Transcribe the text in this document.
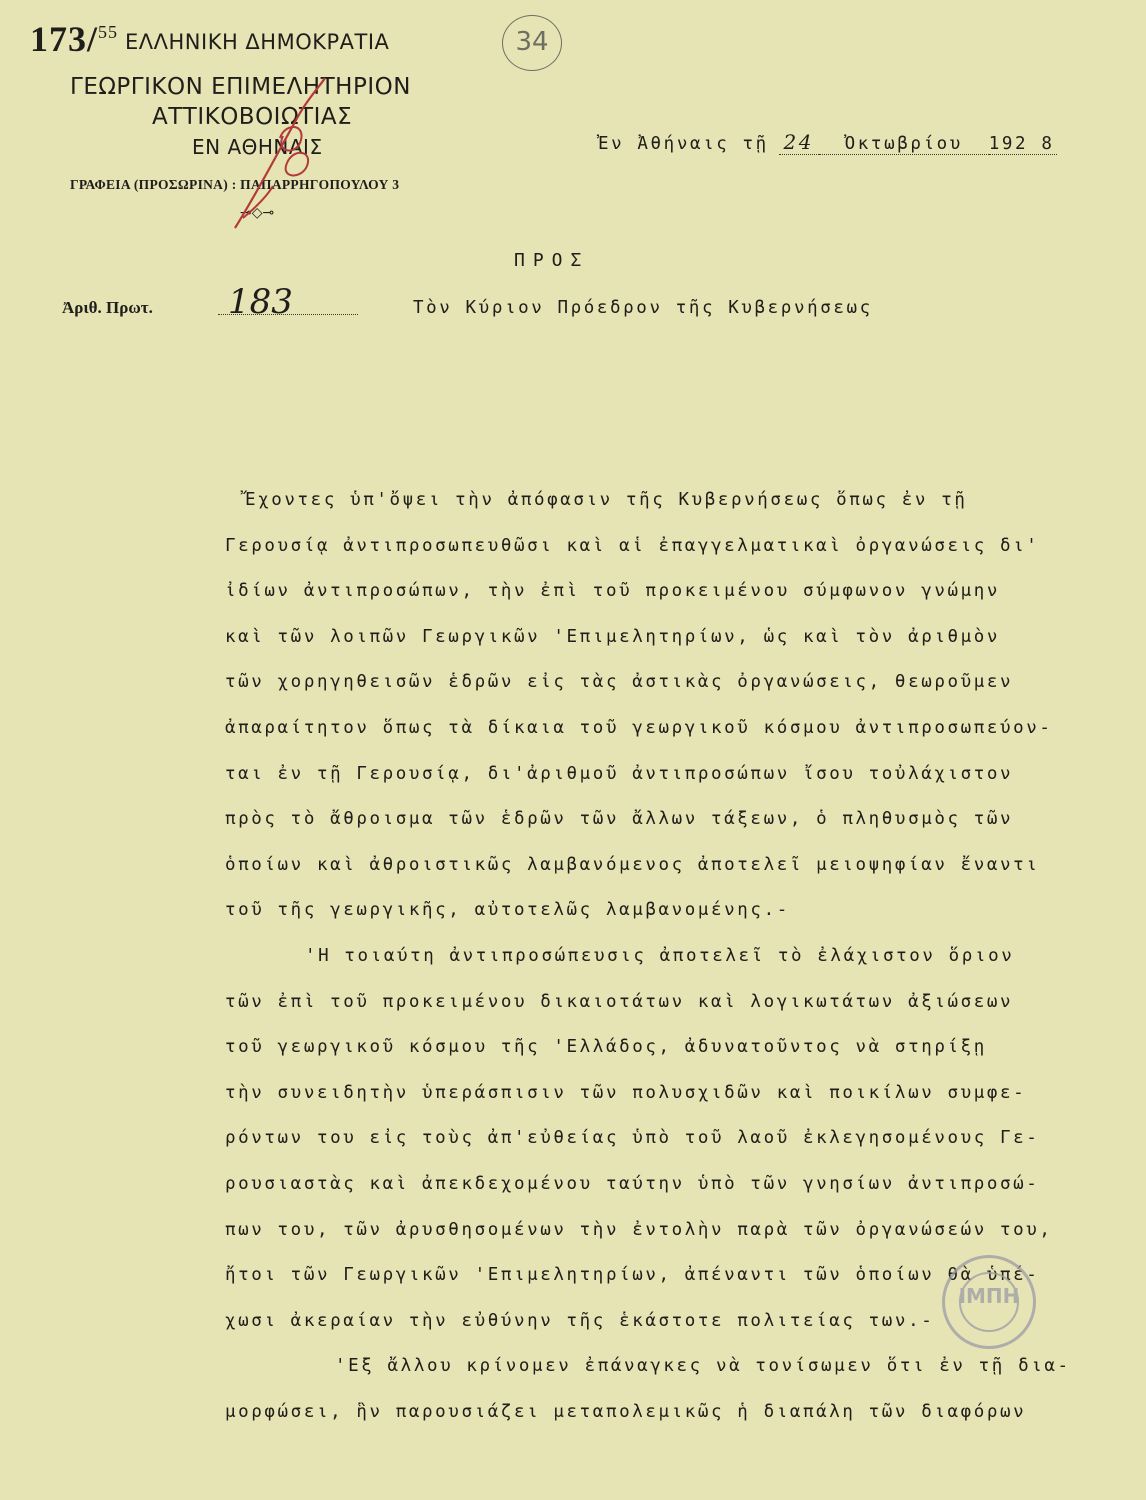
173/$^{55}$	34
ΕΛΛΗΝΙΚΗ ΔΗΜΟΚΡΑΤΙΑ
ΓΕΩΡΓΙΚΟΝ ΕΠΙΜΕΛΗΤΗΡΙΟΝ
ΑΤΤΙΚΟΒΟΙΩΤΙΑΣ
ΕΝ ΑΘΗΝΑΙΣ
ΓΡΑΦΕΙΑ (ΠΡΟΣΩΡΙΝΑ) : ΠΑΠΑΡΡΗΓΟΠΟΥΛΟΥ 3
⊸◇⊸
Ἐν Ἀθήναις τῇ 24 Ὀκτωβρίου 192 8
ΠΡΟΣ
Ἀριθ. Πρωτ. 183	Τὸν Κύριον Πρόεδρον τῆς Κυβερνήσεως
Ἔχοντες ὑπ'ὄψει τὴν ἀπόφασιν τῆς Κυβερνήσεως ὅπως ἐν τῇ
Γερουσίᾳ ἀντιπροσωπευθῶσι καὶ αἱ ἐπαγγελματικαὶ ὀργανώσεις δι'
ἰδίων ἀντιπροσώπων, τὴν ἐπὶ τοῦ προκειμένου σύμφωνον γνώμην
καὶ τῶν λοιπῶν Γεωργικῶν 'Επιμελητηρίων, ὡς καὶ τὸν ἀριθμὸν
τῶν χορηγηθεισῶν ἑδρῶν εἰς τὰς ἀστικὰς ὀργανώσεις, θεωροῦμεν
ἀπαραίτητον ὅπως τὰ δίκαια τοῦ γεωργικοῦ κόσμου ἀντιπροσωπεύον-
ται ἐν τῇ Γερουσίᾳ, δι'ἀριθμοῦ ἀντιπροσώπων ἴσου τοὐλάχιστον
πρὸς τὸ ἄθροισμα τῶν ἑδρῶν τῶν ἄλλων τάξεων, ὁ πληθυσμὸς τῶν
ὁποίων καὶ ἀθροιστικῶς λαμβανόμενος ἀποτελεῖ μειοψηφίαν ἔναντι
τοῦ τῆς γεωργικῆς, αὐτοτελῶς λαμβανομένης.-
'Η τοιαύτη ἀντιπροσώπευσις ἀποτελεῖ τὸ ἐλάχιστον ὅριον
τῶν ἐπὶ τοῦ προκειμένου δικαιοτάτων καὶ λογικωτάτων ἀξιώσεων
τοῦ γεωργικοῦ κόσμου τῆς 'Ελλάδος, ἀδυνατοῦντος νὰ στηρίξῃ
τὴν συνειδητὴν ὑπεράσπισιν τῶν πολυσχιδῶν καὶ ποικίλων συμφε-
ρόντων του εἰς τοὺς ἀπ'εὐθείας ὑπὸ τοῦ λαοῦ ἐκλεγησομένους Γε-
ρουσιαστὰς καὶ ἀπεκδεχομένου ταύτην ὑπὸ τῶν γνησίων ἀντιπροσώ-
πων του, τῶν ἀρυσθησομένων τὴν ἐντολὴν παρὰ τῶν ὀργανώσεών του,
ἤτοι τῶν Γεωργικῶν 'Επιμελητηρίων, ἀπέναντι τῶν ὁποίων θὰ ὑπέ-
χωσι ἀκεραίαν τὴν εὐθύνην τῆς ἑκάστοτε πολιτείας των.-
'Εξ ἄλλου κρίνομεν ἐπάναγκες νὰ τονίσωμεν ὅτι ἐν τῇ δια-
μορφώσει, ἣν παρουσιάζει μεταπολεμικῶς ἡ διαπάλη τῶν διαφόρων
ΙΜΠΗ
